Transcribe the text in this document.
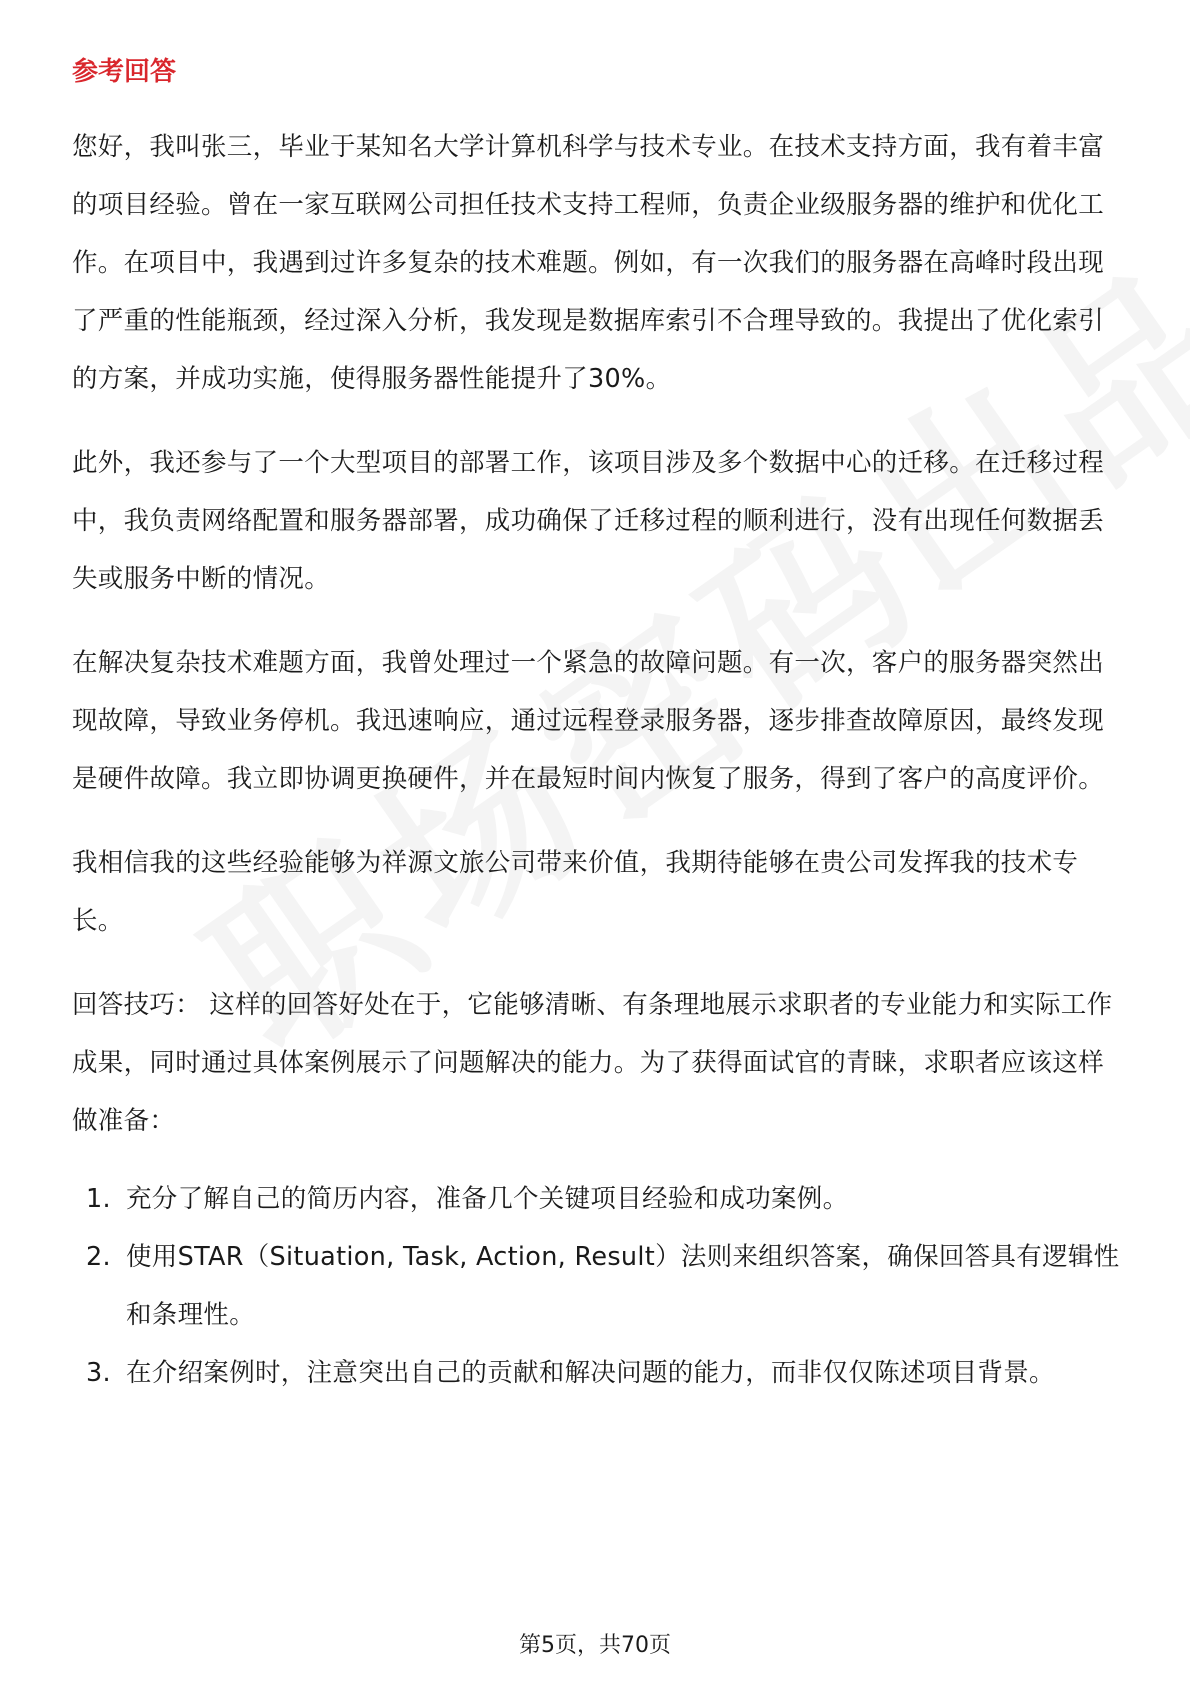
参考回答

您好，我叫张三，毕业于某知名大学计算机科学与技术专业。在技术支持方面，我有着丰富的项目经验。曾在一家互联网公司担任技术支持工程师，负责企业级服务器的维护和优化工作。在项目中，我遇到过许多复杂的技术难题。例如，有一次我们的服务器在高峰时段出现了严重的性能瓶颈，经过深入分析，我发现是数据库索引不合理导致的。我提出了优化索引的方案，并成功实施，使得服务器性能提升了30%。

此外，我还参与了一个大型项目的部署工作，该项目涉及多个数据中心的迁移。在迁移过程中，我负责网络配置和服务器部署，成功确保了迁移过程的顺利进行，没有出现任何数据丢失或服务中断的情况。

在解决复杂技术难题方面，我曾处理过一个紧急的故障问题。有一次，客户的服务器突然出现故障，导致业务停机。我迅速响应，通过远程登录服务器，逐步排查故障原因，最终发现是硬件故障。我立即协调更换硬件，并在最短时间内恢复了服务，得到了客户的高度评价。

我相信我的这些经验能够为祥源文旅公司带来价值，我期待能够在贵公司发挥我的技术专长。

回答技巧： 这样的回答好处在于，它能够清晰、有条理地展示求职者的专业能力和实际工作成果，同时通过具体案例展示了问题解决的能力。为了获得面试官的青睐，求职者应该这样做准备：

1. 充分了解自己的简历内容，准备几个关键项目经验和成功案例。
2. 使用STAR（Situation, Task, Action, Result）法则来组织答案，确保回答具有逻辑性和条理性。
3. 在介绍案例时，注意突出自己的贡献和解决问题的能力，而非仅仅陈述项目背景。
第5页，共70页
